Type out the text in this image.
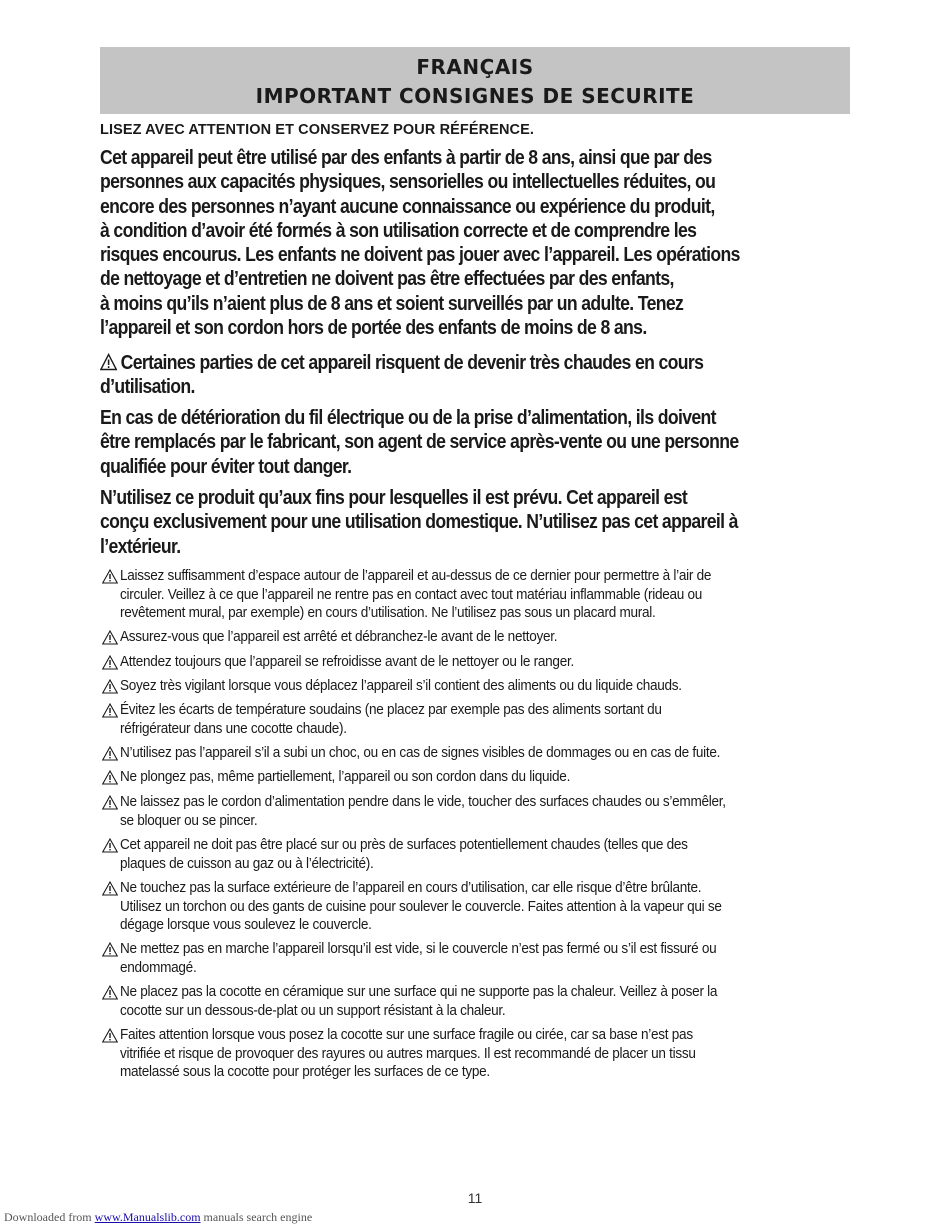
FRANÇAIS
IMPORTANT CONSIGNES DE SECURITE
LISEZ AVEC ATTENTION ET CONSERVEZ POUR RÉFÉRENCE.
Cet appareil peut être utilisé par des enfants à partir de 8 ans, ainsi que par des
personnes aux capacités physiques, sensorielles ou intellectuelles réduites, ou
encore des personnes n’ayant aucune connaissance ou expérience du produit,
à condition d’avoir été formés à son utilisation correcte et de comprendre les
risques encourus. Les enfants ne doivent pas jouer avec l’appareil. Les opérations
de nettoyage et d’entretien ne doivent pas être effectuées par des enfants,
à moins qu’ils n’aient plus de 8 ans et soient surveillés par un adulte. Tenez
l’appareil et son cordon hors de portée des enfants de moins de 8 ans.
Certaines parties de cet appareil risquent de devenir très chaudes en cours
d’utilisation.
En cas de détérioration du fil électrique ou de la prise d’alimentation, ils doivent
être remplacés par le fabricant, son agent de service après-vente ou une personne
qualifiée pour éviter tout danger.
N’utilisez ce produit qu’aux fins pour lesquelles il est prévu. Cet appareil est
conçu exclusivement pour une utilisation domestique. N’utilisez pas cet appareil à
l’extérieur.
Laissez suffisamment d’espace autour de l’appareil et au-dessus de ce dernier pour permettre à l’air de
circuler. Veillez à ce que l’appareil ne rentre pas en contact avec tout matériau inflammable (rideau ou
revêtement mural, par exemple) en cours d’utilisation. Ne l’utilisez pas sous un placard mural.
Assurez-vous que l’appareil est arrêté et débranchez-le avant de le nettoyer.
Attendez toujours que l’appareil se refroidisse avant de le nettoyer ou le ranger.
Soyez très vigilant lorsque vous déplacez l’appareil s’il contient des aliments ou du liquide chauds.
Évitez les écarts de température soudains (ne placez par exemple pas des aliments sortant du
réfrigérateur dans une cocotte chaude).
N’utilisez pas l’appareil s’il a subi un choc, ou en cas de signes visibles de dommages ou en cas de fuite.
Ne plongez pas, même partiellement, l’appareil ou son cordon dans du liquide.
Ne laissez pas le cordon d’alimentation pendre dans le vide, toucher des surfaces chaudes ou s’emmêler,
se bloquer ou se pincer.
Cet appareil ne doit pas être placé sur ou près de surfaces potentiellement chaudes (telles que des
plaques de cuisson au gaz ou à l’électricité).
Ne touchez pas la surface extérieure de l’appareil en cours d’utilisation, car elle risque d’être brûlante.
Utilisez un torchon ou des gants de cuisine pour soulever le couvercle. Faites attention à la vapeur qui se
dégage lorsque vous soulevez le couvercle.
Ne mettez pas en marche l’appareil lorsqu’il est vide, si le couvercle n’est pas fermé ou s’il est fissuré ou
endommagé.
Ne placez pas la cocotte en céramique sur une surface qui ne supporte pas la chaleur. Veillez à poser la
cocotte sur un dessous-de-plat ou un support résistant à la chaleur.
Faites attention lorsque vous posez la cocotte sur une surface fragile ou cirée, car sa base n’est pas
vitrifiée et risque de provoquer des rayures ou autres marques. Il est recommandé de placer un tissu
matelassé sous la cocotte pour protéger les surfaces de ce type.
11
Downloaded from www.Manualslib.com manuals search engine
